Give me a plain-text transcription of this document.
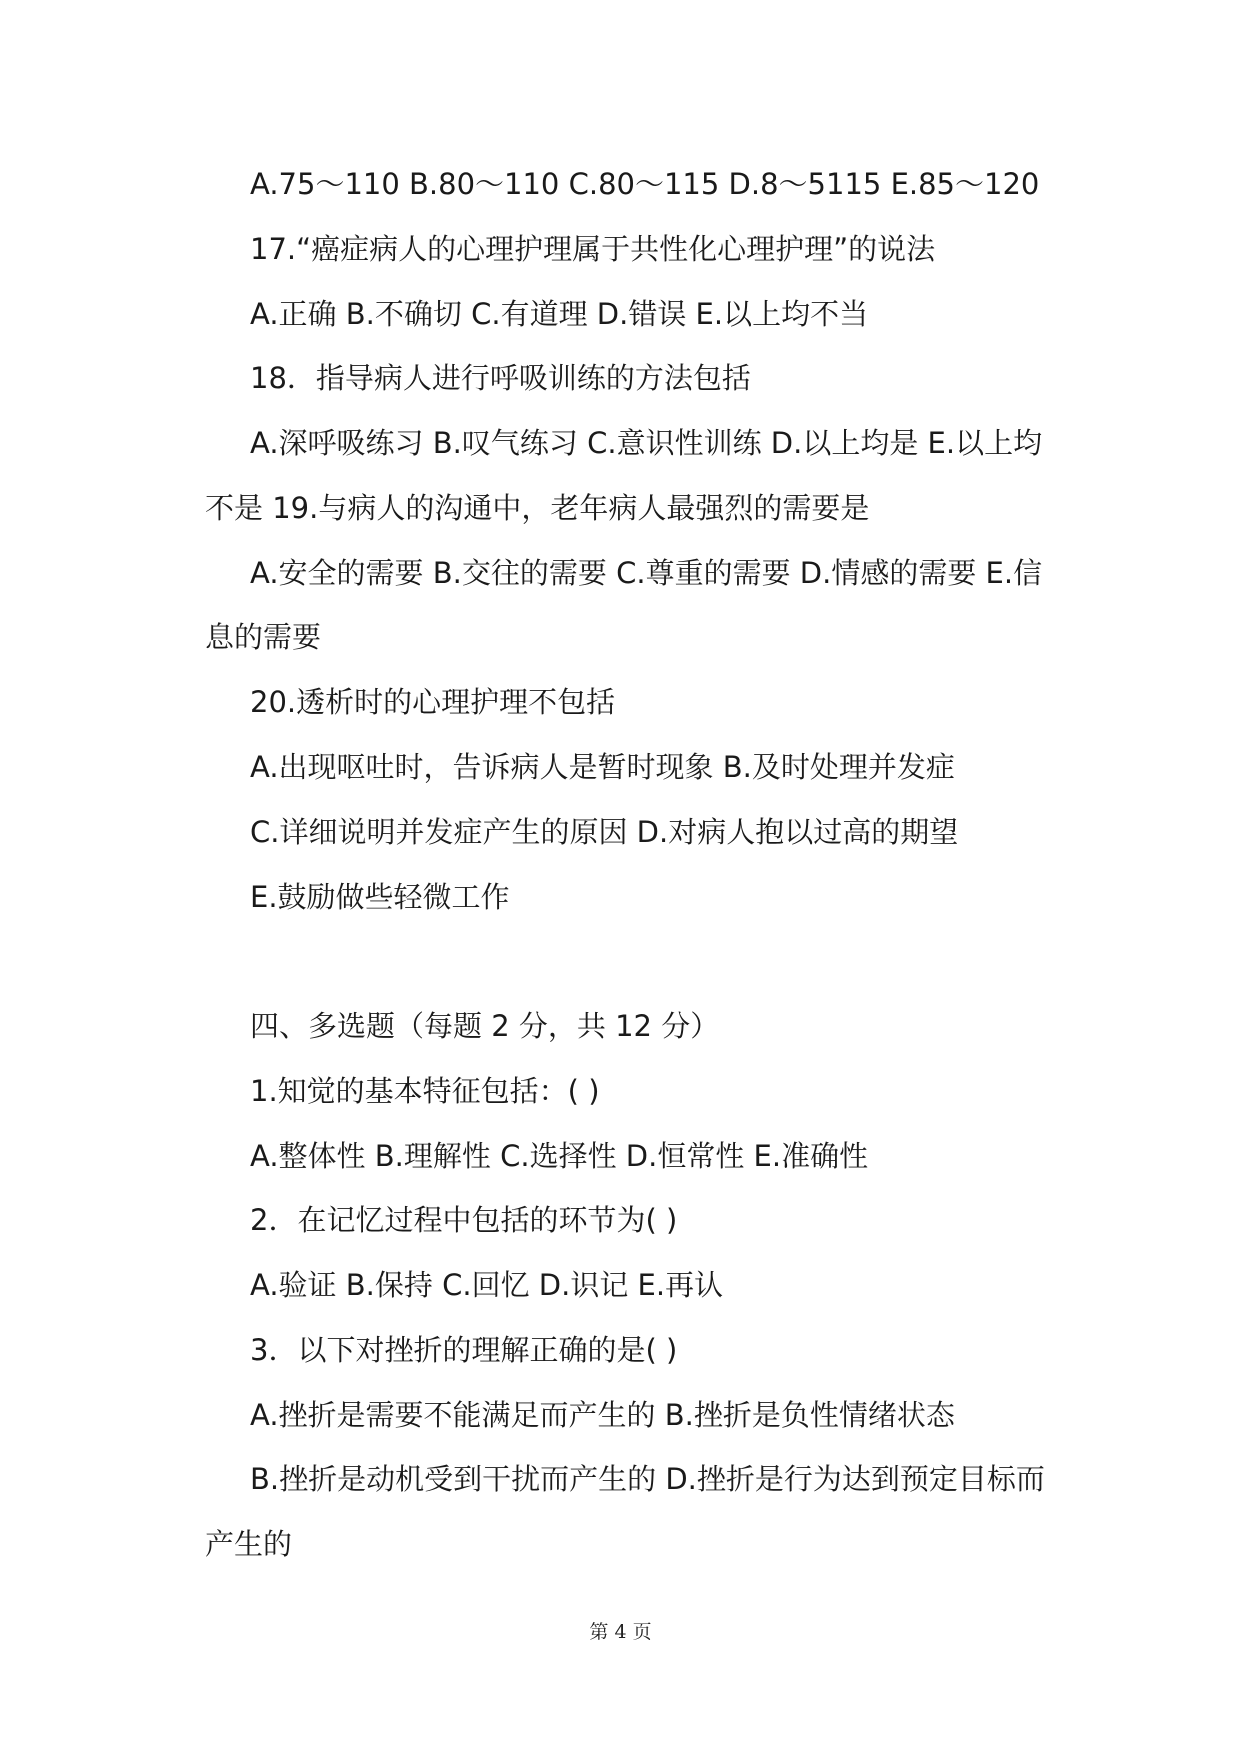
A.75～110 B.80～110 C.80～115 D.8～5115 E.85～120
17.“癌症病人的心理护理属于共性化心理护理”的说法
A.正确 B.不确切 C.有道理 D.错误 E.以上均不当
18．指导病人进行呼吸训练的方法包括
A.深呼吸练习 B.叹气练习 C.意识性训练 D.以上均是 E.以上均
不是 19.与病人的沟通中，老年病人最强烈的需要是
A.安全的需要 B.交往的需要 C.尊重的需要 D.情感的需要 E.信
息的需要
20.透析时的心理护理不包括
A.出现呕吐时，告诉病人是暂时现象 B.及时处理并发症
C.详细说明并发症产生的原因 D.对病人抱以过高的期望
E.鼓励做些轻微工作
四、多选题（每题 2 分，共 12 分）
1.知觉的基本特征包括：( )
A.整体性 B.理解性 C.选择性 D.恒常性 E.准确性
2．在记忆过程中包括的环节为( )
A.验证 B.保持 C.回忆 D.识记 E.再认
3．以下对挫折的理解正确的是( )
A.挫折是需要不能满足而产生的 B.挫折是负性情绪状态
B.挫折是动机受到干扰而产生的 D.挫折是行为达到预定目标而
产生的
第 4 页
